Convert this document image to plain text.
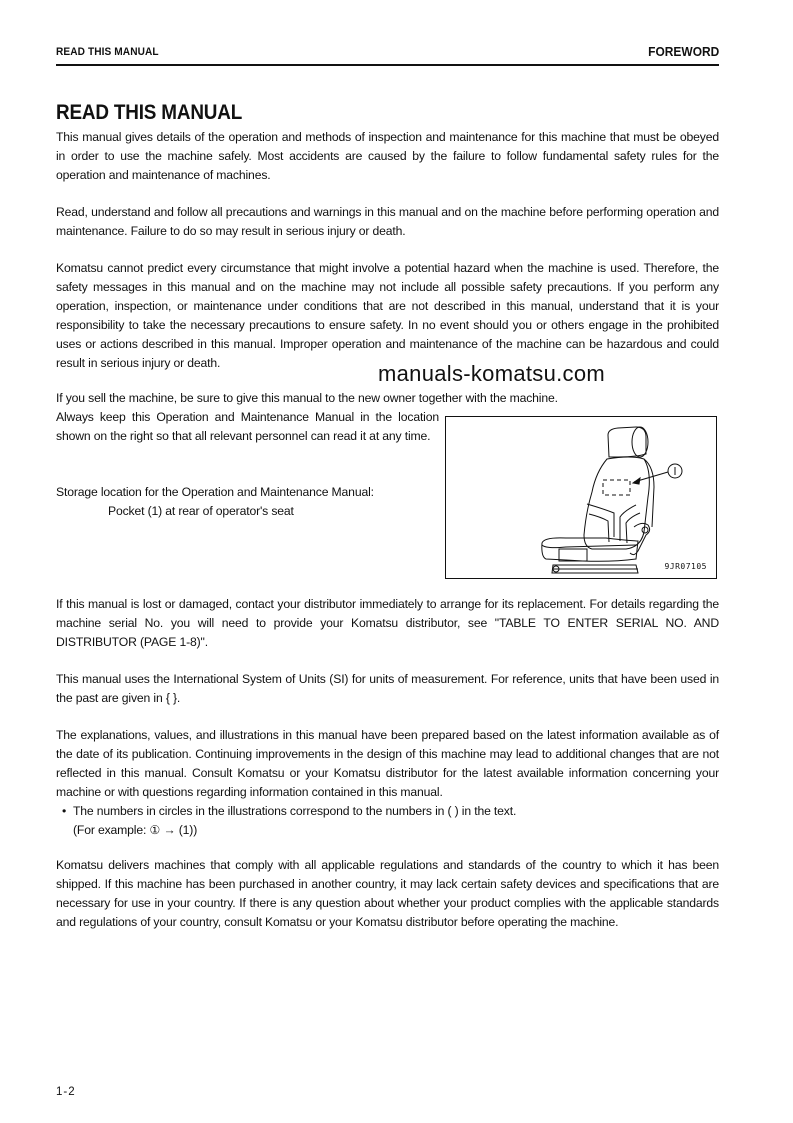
READ THIS MANUAL	FOREWORD
READ THIS MANUAL

This manual gives details of the operation and methods of inspection and maintenance for this machine that must be obeyed in order to use the machine safely. Most accidents are caused by the failure to follow fundamental safety rules for the operation and maintenance of machines.

Read, understand and follow all precautions and warnings in this manual and on the machine before performing operation and maintenance. Failure to do so may result in serious injury or death.

Komatsu cannot predict every circumstance that might involve a potential hazard when the machine is used. Therefore, the safety messages in this manual and on the machine may not include all possible safety precautions. If you perform any operation, inspection, or maintenance under conditions that are not described in this manual, understand that it is your responsibility to take the necessary precautions to ensure safety. In no event should you or others engage in the prohibited uses or actions described in this manual. Improper operation and maintenance of the machine can be hazardous and could result in serious injury or death.	manuals-komatsu.com

If you sell the machine, be sure to give this manual to the new owner together with the machine.

Always keep this Operation and Maintenance Manual in the location shown on the right so that all relevant personnel can read it at any time.

Storage location for the Operation and Maintenance Manual:

Pocket (1) at rear of operator's seat

9JR07105

If this manual is lost or damaged, contact your distributor immediately to arrange for its replacement. For details regarding the machine serial No. you will need to provide your Komatsu distributor, see "TABLE TO ENTER SERIAL NO. AND DISTRIBUTOR (PAGE 1-8)".

This manual uses the International System of Units (SI) for units of measurement. For reference, units that have been used in the past are given in { }.

The explanations, values, and illustrations in this manual have been prepared based on the latest information available as of the date of its publication. Continuing improvements in the design of this machine may lead to additional changes that are not reflected in this manual. Consult Komatsu or your Komatsu distributor for the latest available information concerning your machine or with questions regarding information contained in this manual.

• The numbers in circles in the illustrations correspond to the numbers in ( ) in the text.

(For example: ① → (1))

Komatsu delivers machines that comply with all applicable regulations and standards of the country to which it has been shipped. If this machine has been purchased in another country, it may lack certain safety devices and specifications that are necessary for use in your country. If there is any question about whether your product complies with the applicable standards and regulations of your country, consult Komatsu or your Komatsu distributor before operating the machine.

1-2
